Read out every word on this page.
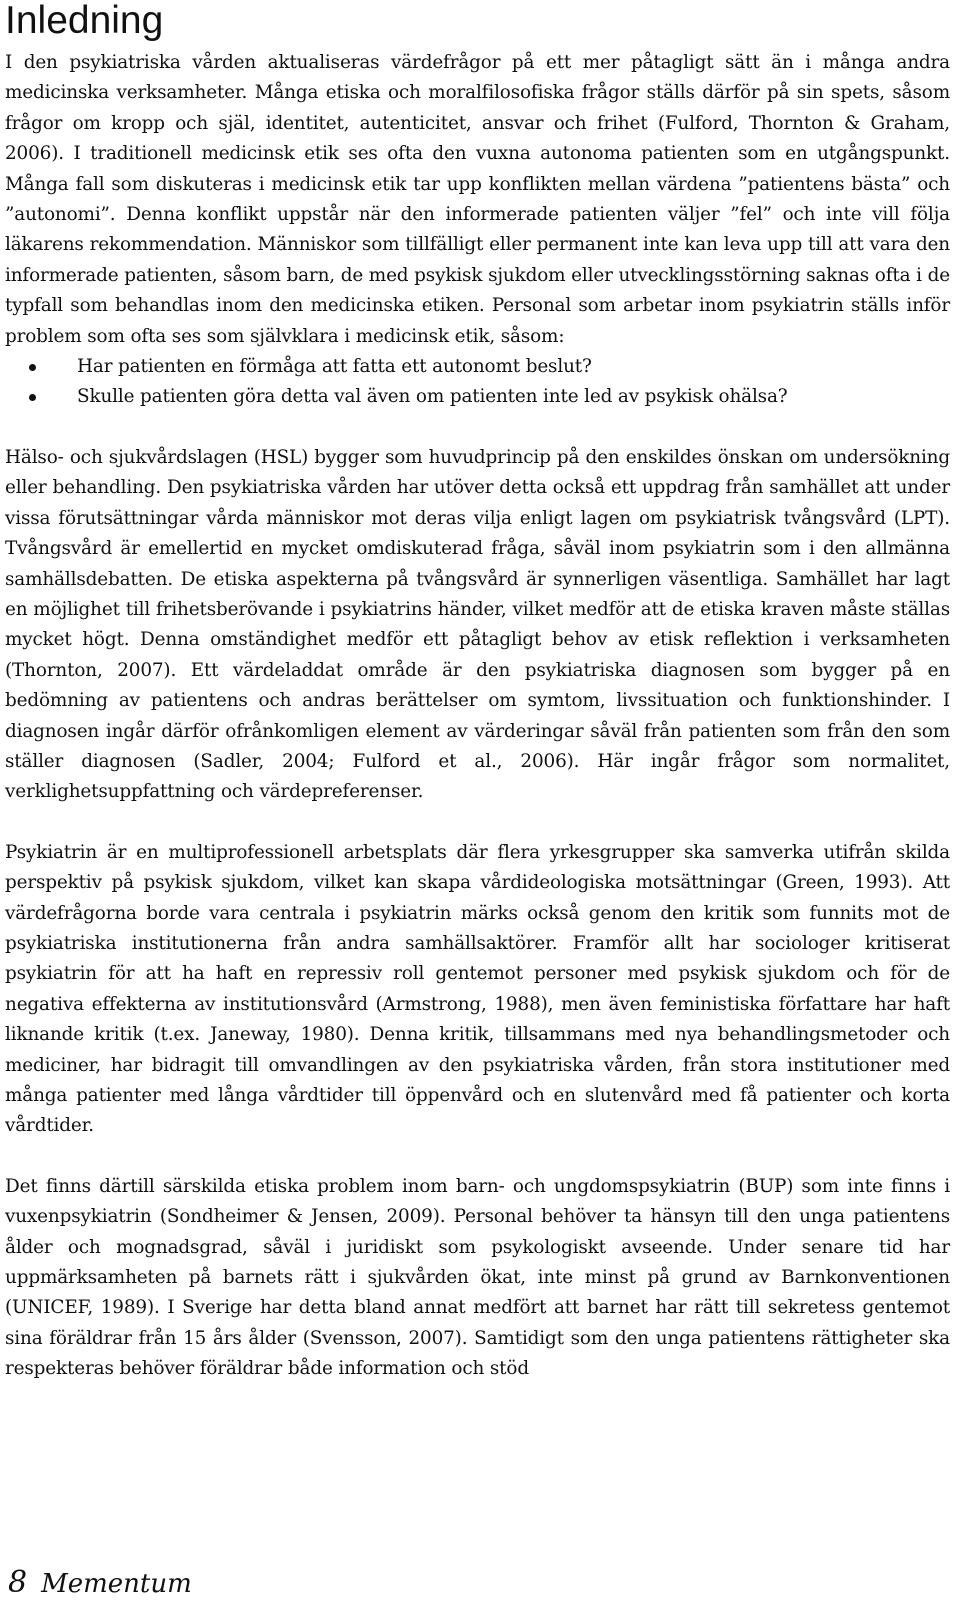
Inledning

I den psykiatriska vården aktualiseras värdefrågor på ett mer påtagligt sätt än i många andra medicinska verksamheter. Många etiska och moralfilosofiska frågor ställs därför på sin spets, såsom frågor om kropp och själ, identitet, autenticitet, ansvar och frihet (Fulford, Thornton & Graham, 2006). I traditionell medicinsk etik ses ofta den vuxna autonoma patienten som en utgångspunkt. Många fall som diskuteras i medicinsk etik tar upp konflikten mellan värdena ”patientens bästa” och ”autonomi”. Denna konflikt uppstår när den informerade patienten väljer ”fel” och inte vill följa läkarens rekommendation. Människor som tillfälligt eller permanent inte kan leva upp till att vara den informerade patienten, såsom barn, de med psykisk sjukdom eller utvecklingsstörning saknas ofta i de typfall som behandlas inom den medicinska etiken. Personal som arbetar inom psykiatrin ställs inför problem som ofta ses som självklara i medicinsk etik, såsom:

Har patienten en förmåga att fatta ett autonomt beslut?
Skulle patienten göra detta val även om patienten inte led av psykisk ohälsa?

Hälso- och sjukvårdslagen (HSL) bygger som huvudprincip på den enskildes önskan om undersökning eller behandling. Den psykiatriska vården har utöver detta också ett uppdrag från samhället att under vissa förutsättningar vårda människor mot deras vilja enligt lagen om psykiatrisk tvångsvård (LPT). Tvångsvård är emellertid en mycket omdiskuterad fråga, såväl inom psykiatrin som i den allmänna samhällsdebatten. De etiska aspekterna på tvångsvård är synnerligen väsentliga. Samhället har lagt en möjlighet till frihetsberövande i psykiatrins händer, vilket medför att de etiska kraven måste ställas mycket högt. Denna omständighet medför ett påtagligt behov av etisk reflektion i verksamheten (Thornton, 2007). Ett värdeladdat område är den psykiatriska diagnosen som bygger på en bedömning av patientens och andras berättelser om symtom, livssituation och funktionshinder. I diagnosen ingår därför ofrånkomligen element av värderingar såväl från patienten som från den som ställer diagnosen (Sadler, 2004; Fulford et al., 2006). Här ingår frågor som normalitet, verklighetsuppfattning och värdepreferenser.

Psykiatrin är en multiprofessionell arbetsplats där flera yrkesgrupper ska samverka utifrån skilda perspektiv på psykisk sjukdom, vilket kan skapa vårdideologiska motsättningar (Green, 1993). Att värdefrågorna borde vara centrala i psykiatrin märks också genom den kritik som funnits mot de psykiatriska institutionerna från andra samhällsaktörer. Framför allt har sociologer kritiserat psykiatrin för att ha haft en repressiv roll gentemot personer med psykisk sjukdom och för de negativa effekterna av institutionsvård (Armstrong, 1988), men även feministiska författare har haft liknande kritik (t.ex. Janeway, 1980). Denna kritik, tillsammans med nya behandlingsmetoder och mediciner, har bidragit till omvandlingen av den psykiatriska vården, från stora institutioner med många patienter med långa vårdtider till öppenvård och en slutenvård med få patienter och korta vårdtider.

Det finns därtill särskilda etiska problem inom barn- och ungdomspsykiatrin (BUP) som inte finns i vuxenpsykiatrin (Sondheimer & Jensen, 2009). Personal behöver ta hänsyn till den unga patientens ålder och mognadsgrad, såväl i juridiskt som psykologiskt avseende. Under senare tid har uppmärksamheten på barnets rätt i sjukvården ökat, inte minst på grund av Barnkonventionen (UNICEF, 1989). I Sverige har detta bland annat medfört att barnet har rätt till sekretess gentemot sina föräldrar från 15 års ålder (Svensson, 2007). Samtidigt som den unga patientens rättigheter ska respekteras behöver föräldrar både information och stöd

8 Mementum
